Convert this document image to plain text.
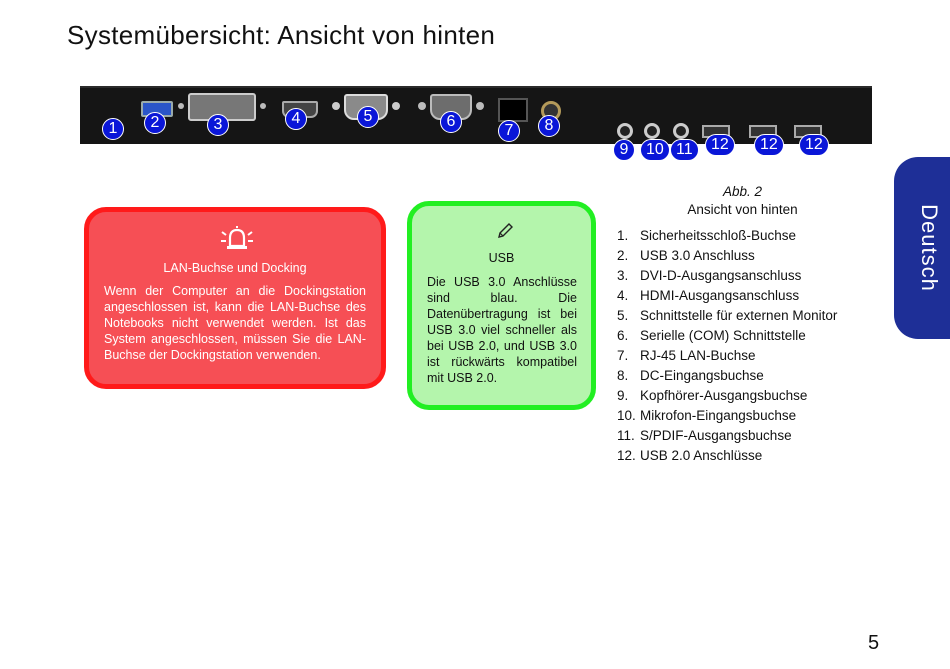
Systemübersicht: Ansicht von hinten
1	2	3	4	5	6
7	8
9	10 11	12	12	12
Deutsch
LAN-Buchse und Docking
Wenn der Computer an die Dockingstation angeschlossen ist, kann die LAN-Buchse des Notebooks nicht verwendet werden. Ist das System angeschlossen, müssen Sie die LAN-Buchse der Dockingstation verwenden.
USB
Die USB 3.0 Anschlüsse sind blau. Die Datenübertragung ist bei USB 3.0 viel schneller als bei USB 2.0, und USB 3.0 ist rückwärts kompatibel mit USB 2.0.
Abb. 2
Ansicht von hinten
1. Sicherheitsschloß-Buchse
2. USB 3.0 Anschluss
3. DVI-D-Ausgangsanschluss
4. HDMI-Ausgangsanschluss
5. Schnittstelle für externen Monitor
6. Serielle (COM) Schnittstelle
7. RJ-45 LAN-Buchse
8. DC-Eingangsbuchse
9. Kopfhörer-Ausgangsbuchse
10. Mikrofon-Eingangsbuchse
11. S/PDIF-Ausgangsbuchse
12. USB 2.0 Anschlüsse
5
